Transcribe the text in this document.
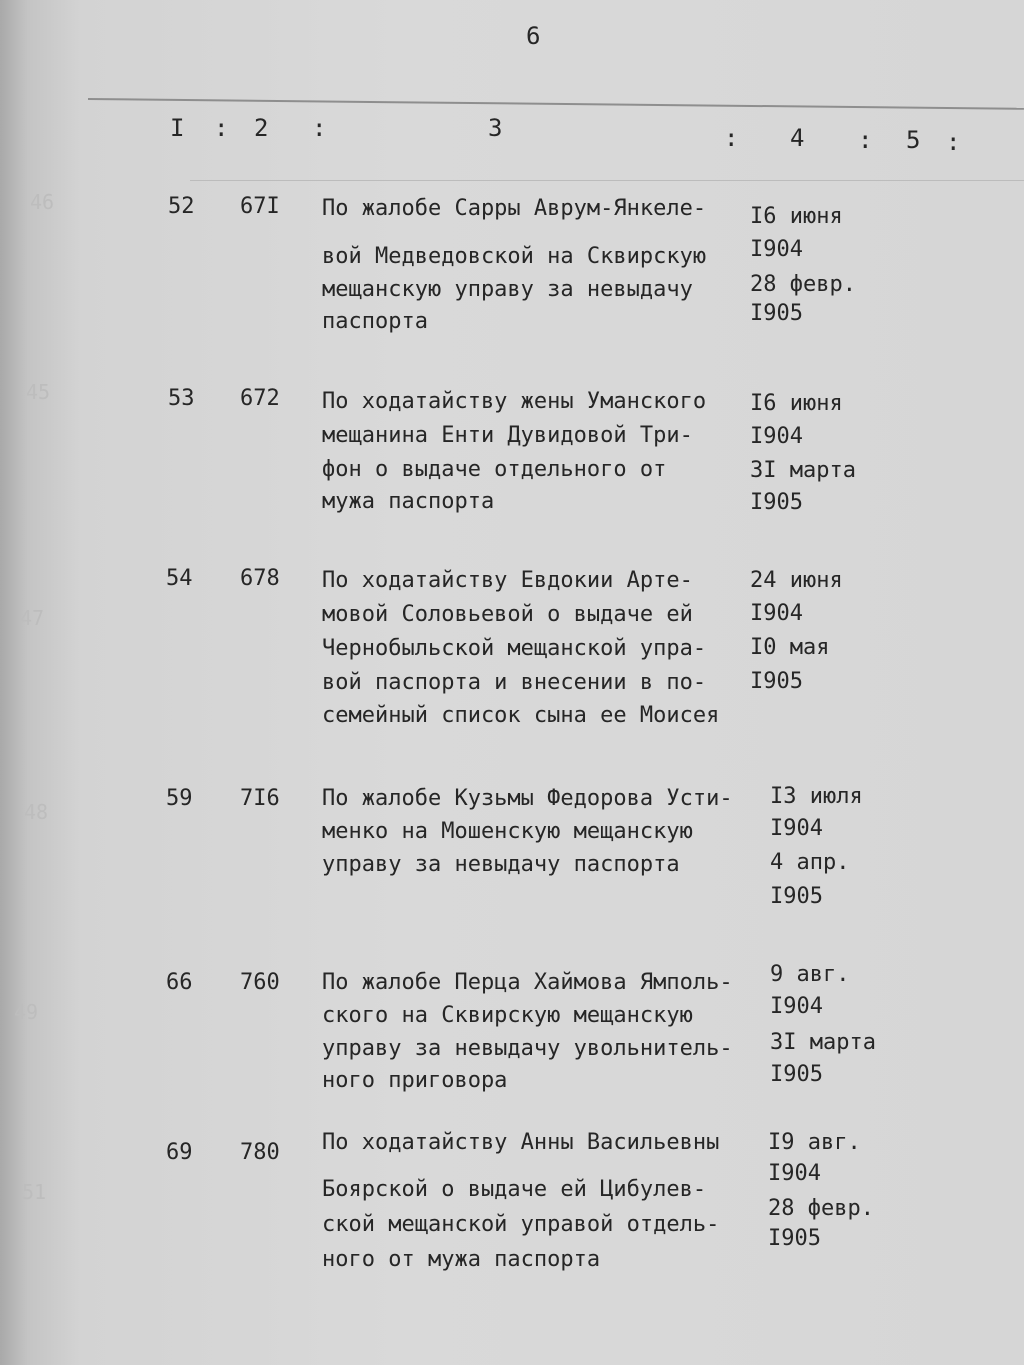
6
I : 2 :	3	: 4 : 5 :
46
45
47
48
49
51
52 67I По жалобе Сарры Аврум-Янкеле-
вой Медведовской на Сквирскую
мещанскую управу за невыдачу
паспорта
I6 июня
I904
28 февр.
I905
53 672 По ходатайству жены Уманского
мещанина Енти Дувидовой Три-
фон о выдаче отдельного от
мужа паспорта
I6 июня
I904
3I марта
I905
54 678 По ходатайству Евдокии Арте-
мовой Соловьевой о выдаче ей
Чернобыльской мещанской упра-
вой паспорта и внесении в по-
семейный список сына ее Моисея
24 июня
I904
I0 мая
I905
59 7I6 По жалобе Кузьмы Федорова Усти-
менко на Мошенскую мещанскую
управу за невыдачу паспорта
I3 июля
I904
4 апр.
I905
66 760 По жалобе Перца Хаймова Ямполь-
ского на Сквирскую мещанскую
управу за невыдачу увольнитель-
ного приговора
9 авг.
I904
3I марта
I905
69 780 По ходатайству Анны Васильевны
Боярской о выдаче ей Цибулев-
ской мещанской управой отдель-
ного от мужа паспорта
I9 авг.
I904
28 февр.
I905
